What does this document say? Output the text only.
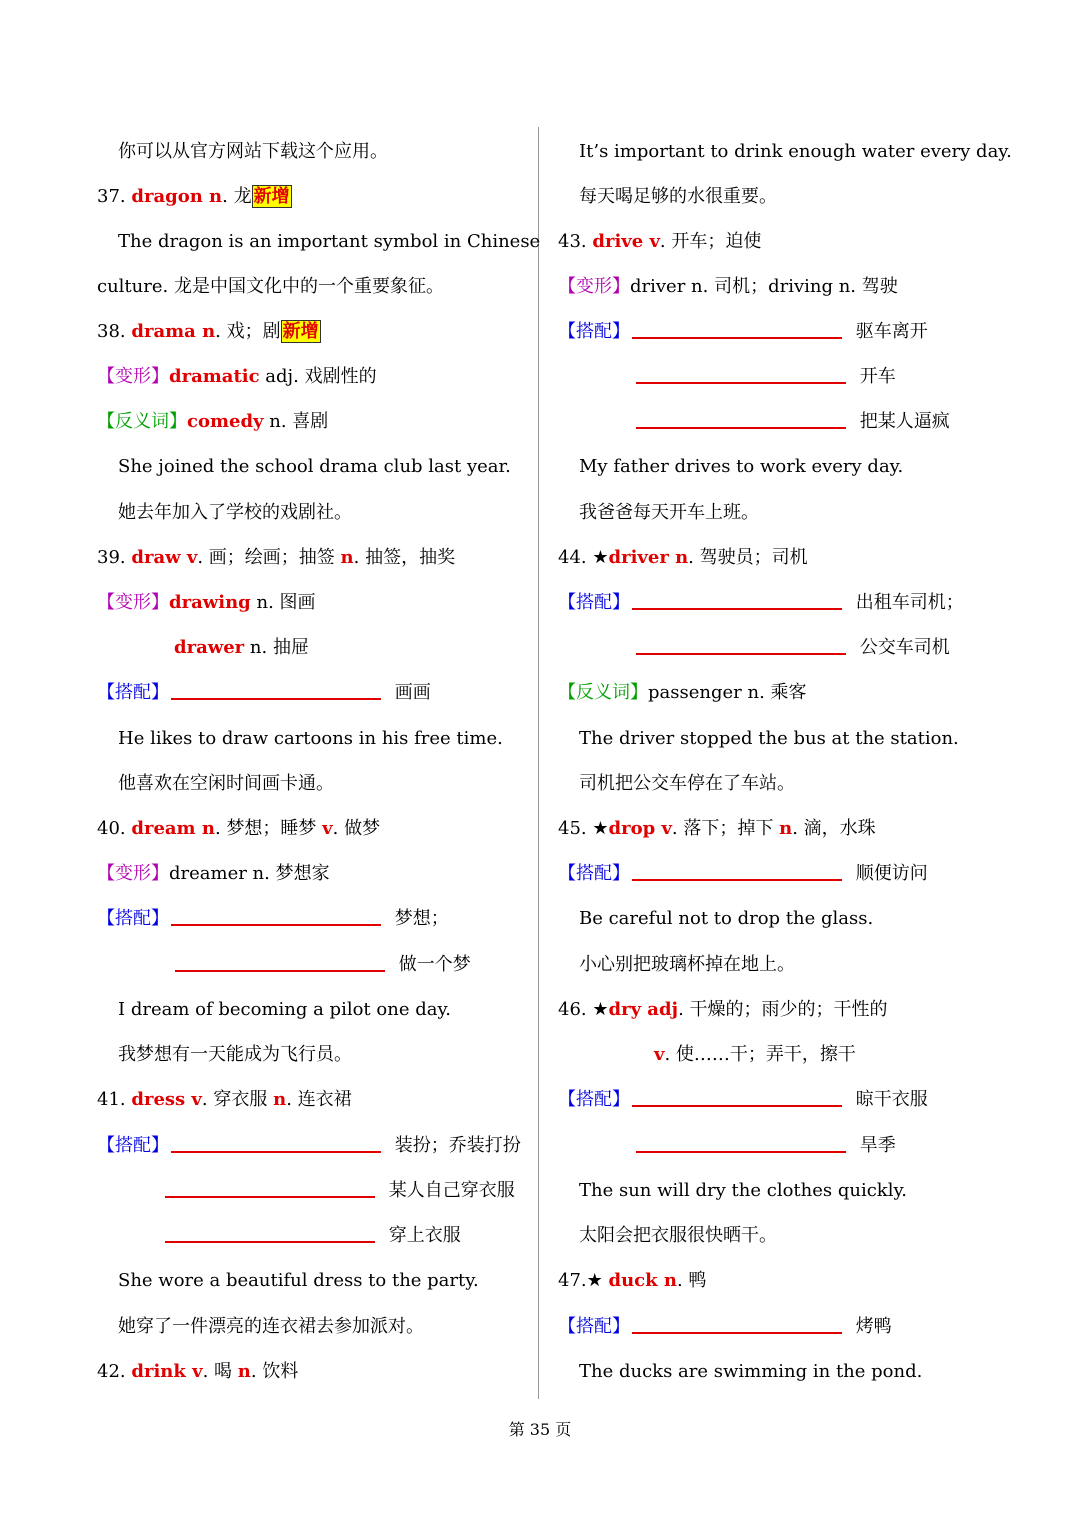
你可以从官方网站下载这个应用。
37. dragon n. 龙 新增
The dragon is an important symbol in Chinese
culture. 龙是中国文化中的一个重要象征。
38. drama n. 戏；剧 新增
【变形】dramatic adj. 戏剧性的
【反义词】comedy n. 喜剧
She joined the school drama club last year.
她去年加入了学校的戏剧社。
39. draw v. 画；绘画；抽签 n. 抽签，抽奖
【变形】drawing n. 图画
drawer n. 抽屉
【搭配】	画画
He likes to draw cartoons in his free time.
他喜欢在空闲时间画卡通。
40. dream n. 梦想；睡梦 v. 做梦
【变形】dreamer n. 梦想家
【搭配】	梦想；
做一个梦
I dream of becoming a pilot one day.
我梦想有一天能成为飞行员。
41. dress v. 穿衣服 n. 连衣裙
【搭配】	装扮；乔装打扮
某人自己穿衣服
穿上衣服
She wore a beautiful dress to the party.
她穿了一件漂亮的连衣裙去参加派对。
42. drink v. 喝 n. 饮料
It’s important to drink enough water every day.
每天喝足够的水很重要。
43. drive v. 开车；迫使
【变形】driver n. 司机；driving n. 驾驶
【搭配】	驱车离开
开车
把某人逼疯
My father drives to work every day.
我爸爸每天开车上班。
44. ★driver n. 驾驶员；司机
【搭配】	出租车司机；
公交车司机
【反义词】passenger n. 乘客
The driver stopped the bus at the station.
司机把公交车停在了车站。
45. ★drop v. 落下；掉下 n. 滴，水珠
【搭配】	顺便访问
Be careful not to drop the glass.
小心别把玻璃杯掉在地上。
46. ★dry adj. 干燥的；雨少的；干性的
v. 使……干；弄干，擦干
【搭配】	晾干衣服
旱季
The sun will dry the clothes quickly.
太阳会把衣服很快晒干。
47.★ duck n. 鸭
【搭配】	烤鸭
The ducks are swimming in the pond.
第 35 页
